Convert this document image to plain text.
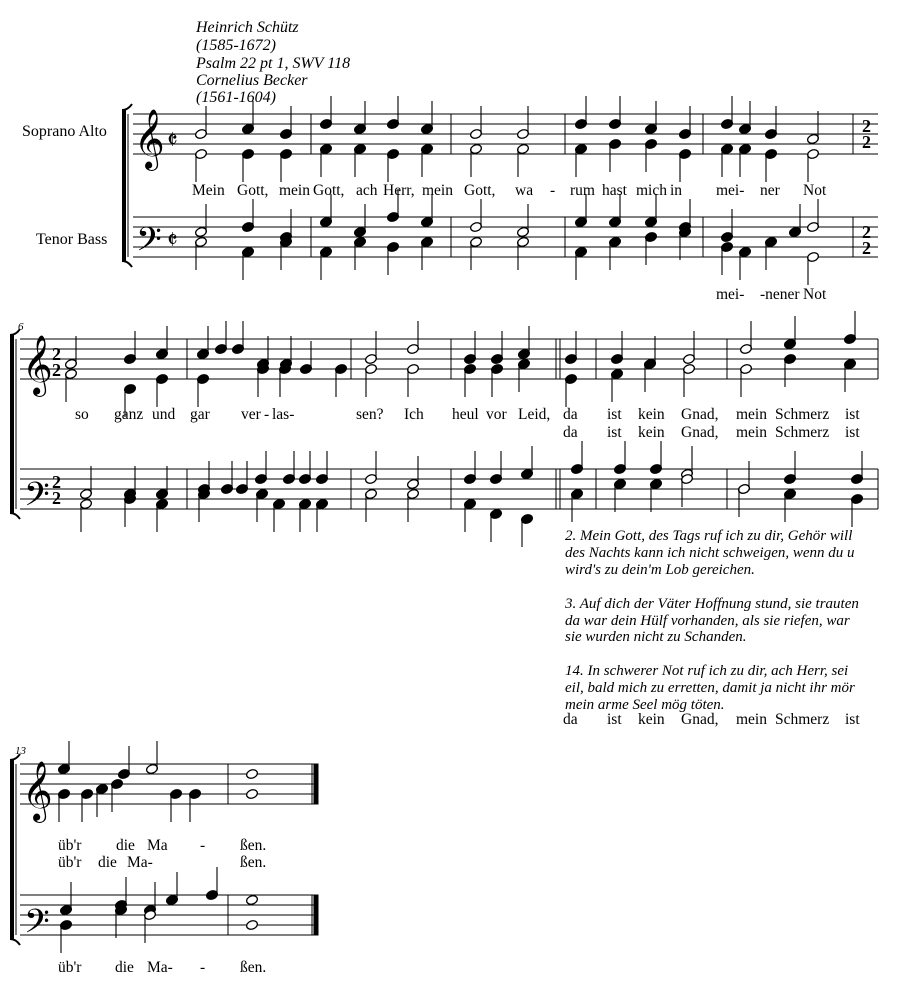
Heinrich Schütz
(1585-1672)
Psalm 22 pt 1, SWV 118
Cornelius Becker
(1561-1604)
Soprano Alto
Tenor Bass
𝄞
𝄢
𝄞
𝄢
𝄞
𝄢
𝄵
𝄵
2
2
2
2
2
2
2
2
6
13
Mein Gott, mein Gott, ach Herr, mein Gott, wa - rum hast mich in mei- ner Not
mei- -nener Not
so ganz und gar ver - las-	sen? Ich heul vor Leid, da ist kein Gnad, mein Schmerz ist
da ist kein Gnad, mein Schmerz ist
2. Mein Gott, des Tags ruf ich zu dir, Gehör will
des Nachts kann ich nicht schweigen, wenn du u
wird's zu dein'm Lob gereichen.
3. Auf dich der Väter Hoffnung stund, sie trauten
da war dein Hülf vorhanden, als sie riefen, war
sie wurden nicht zu Schanden.
14. In schwerer Not ruf ich zu dir, ach Herr, sei
eil, bald mich zu erretten, damit ja nicht ihr mör
mein arme Seel mög töten.
da ist kein Gnad, mein Schmerz ist
üb'r die Ma - ßen.
üb'r die Ma-	ßen.
üb'r die Ma- - ßen.
